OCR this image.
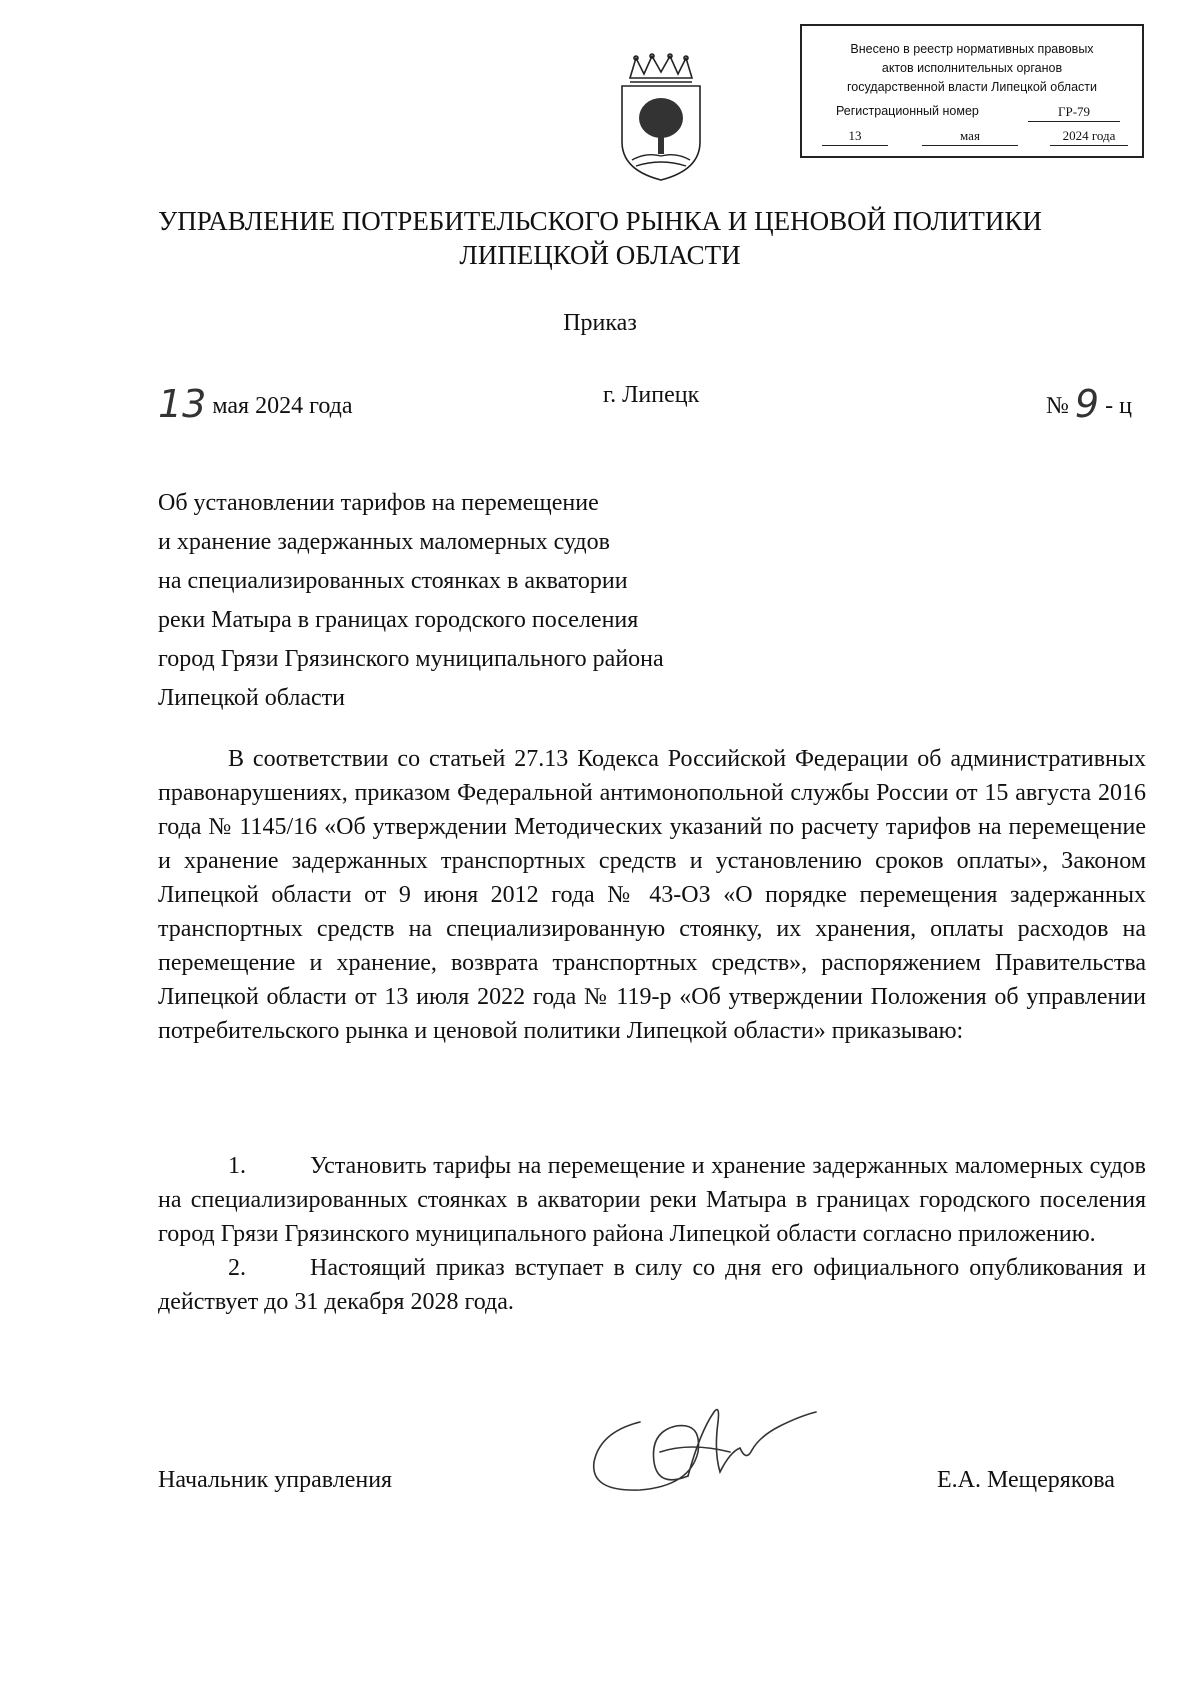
Внесено в реестр нормативных правовых
актов исполнительных органов
государственной власти Липецкой области
Регистрационный номер	ГР-79
13	мая	2024 года
УПРАВЛЕНИЕ ПОТРЕБИТЕЛЬСКОГО РЫНКА И ЦЕНОВОЙ ПОЛИТИКИ
ЛИПЕЦКОЙ ОБЛАСТИ
Приказ
13 мая 2024 года	г. Липецк	№ 9 - ц
Об установлении тарифов на перемещение
и хранение задержанных маломерных судов
на специализированных стоянках в акватории
реки Матыра в границах городского поселения
город Грязи Грязинского муниципального района
Липецкой области

В соответствии со статьей 27.13 Кодекса Российской Федерации об административных правонарушениях, приказом Федеральной антимонопольной службы России от 15 августа 2016 года № 1145/16 «Об утверждении Методических указаний по расчету тарифов на перемещение и хранение задержанных транспортных средств и установлению сроков оплаты», Законом Липецкой области от 9 июня 2012 года № 43-ОЗ «О порядке перемещения задержанных транспортных средств на специализированную стоянку, их хранения, оплаты расходов на перемещение и хранение, возврата транспортных средств», распоряжением Правительства Липецкой области от 13 июля 2022 года № 119-р «Об утверждении Положения об управлении потребительского рынка и ценовой политики Липецкой области» приказываю:

1.	Установить тарифы на перемещение и хранение задержанных маломерных судов на специализированных стоянках в акватории реки Матыра в границах городского поселения город Грязи Грязинского муниципального района Липецкой области согласно приложению.

2.	Настоящий приказ вступает в силу со дня его официального опубликования и действует до 31 декабря 2028 года.

Начальник управления	Е.А. Мещерякова
